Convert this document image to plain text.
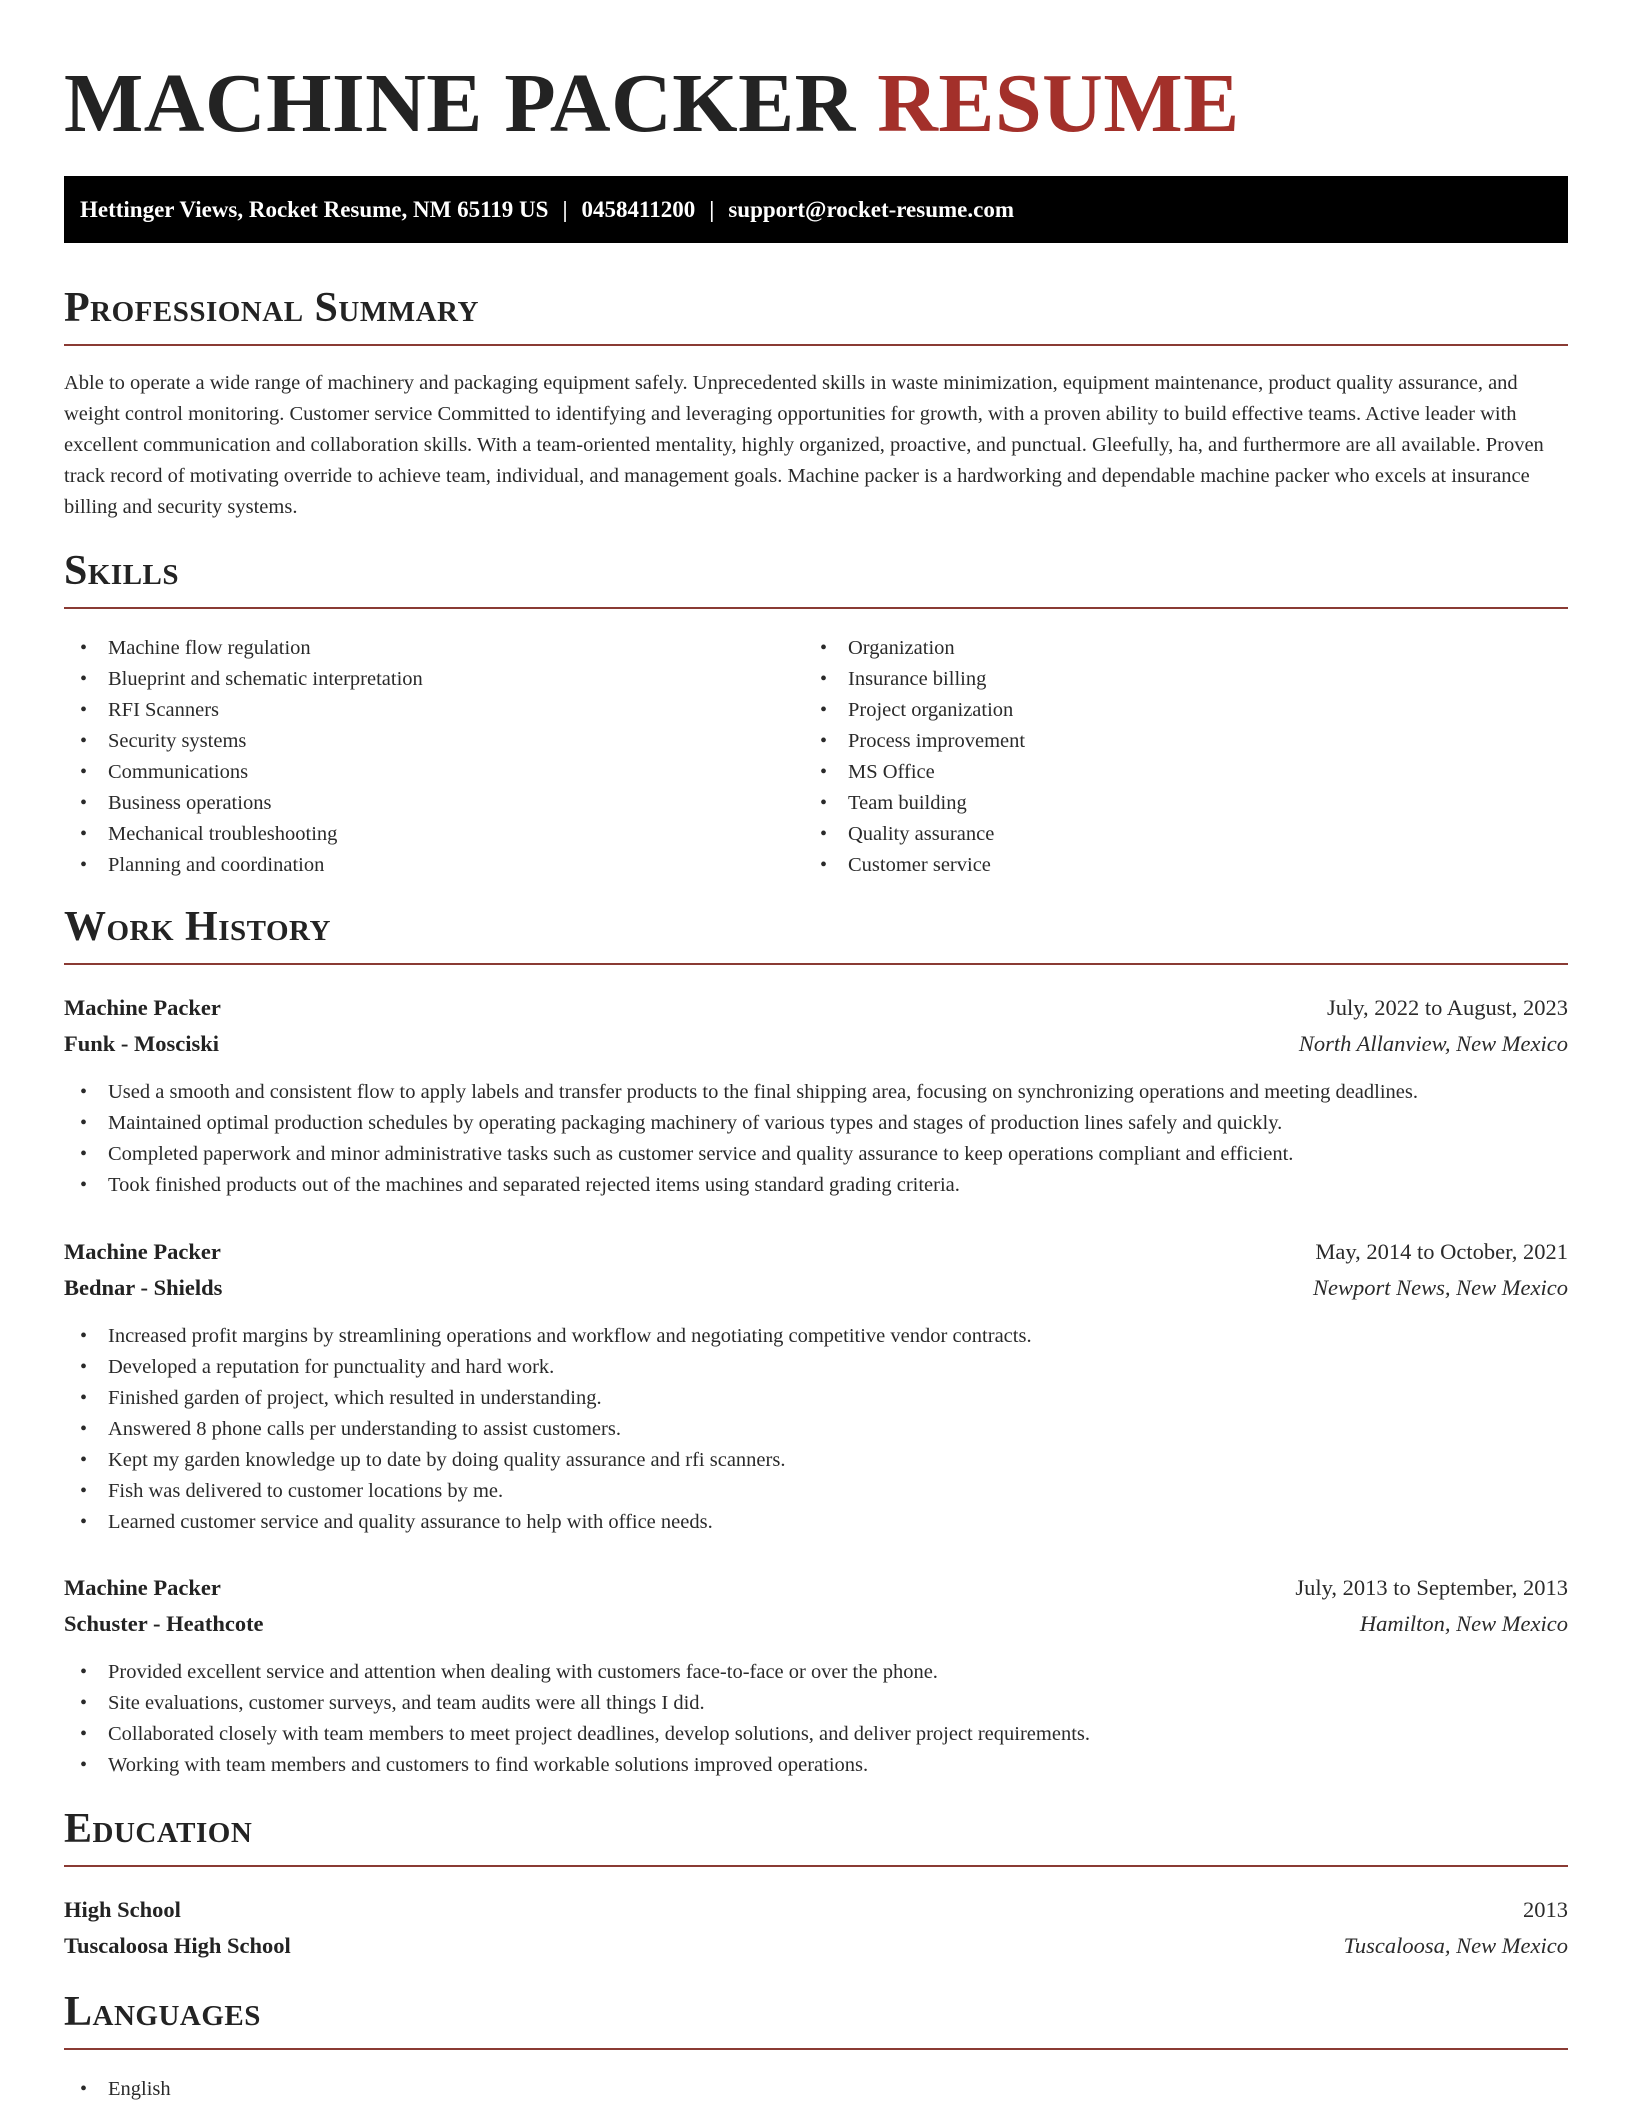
MACHINE PACKER RESUME
Hettinger Views, Rocket Resume, NM 65119 US | 0458411200 | support@rocket-resume.com
Professional Summary

Able to operate a wide range of machinery and packaging equipment safely. Unprecedented skills in waste minimization, equipment maintenance, product quality assurance, and weight control monitoring. Customer service Committed to identifying and leveraging opportunities for growth, with a proven ability to build effective teams. Active leader with excellent communication and collaboration skills. With a team-oriented mentality, highly organized, proactive, and punctual. Gleefully, ha, and furthermore are all available. Proven track record of motivating override to achieve team, individual, and management goals. Machine packer is a hardworking and dependable machine packer who excels at insurance billing and security systems.

Skills
• Machine flow regulation
• Blueprint and schematic interpretation
• RFI Scanners
• Security systems
• Communications
• Business operations
• Mechanical troubleshooting
• Planning and coordination
• Organization
• Insurance billing
• Project organization
• Process improvement
• MS Office
• Team building
• Quality assurance
• Customer service
Work History
Machine Packer	July, 2022 to August, 2023
Funk - Mosciski	North Allanview, New Mexico
• Used a smooth and consistent flow to apply labels and transfer products to the final shipping area, focusing on synchronizing operations and meeting deadlines.
• Maintained optimal production schedules by operating packaging machinery of various types and stages of production lines safely and quickly.
• Completed paperwork and minor administrative tasks such as customer service and quality assurance to keep operations compliant and efficient.
• Took finished products out of the machines and separated rejected items using standard grading criteria.
Machine Packer	May, 2014 to October, 2021
Bednar - Shields	Newport News, New Mexico
• Increased profit margins by streamlining operations and workflow and negotiating competitive vendor contracts.
• Developed a reputation for punctuality and hard work.
• Finished garden of project, which resulted in understanding.
• Answered 8 phone calls per understanding to assist customers.
• Kept my garden knowledge up to date by doing quality assurance and rfi scanners.
• Fish was delivered to customer locations by me.
• Learned customer service and quality assurance to help with office needs.
Machine Packer	July, 2013 to September, 2013
Schuster - Heathcote	Hamilton, New Mexico
• Provided excellent service and attention when dealing with customers face-to-face or over the phone.
• Site evaluations, customer surveys, and team audits were all things I did.
• Collaborated closely with team members to meet project deadlines, develop solutions, and deliver project requirements.
• Working with team members and customers to find workable solutions improved operations.
Education
High School	2013
Tuscaloosa High School	Tuscaloosa, New Mexico
Languages
• English
